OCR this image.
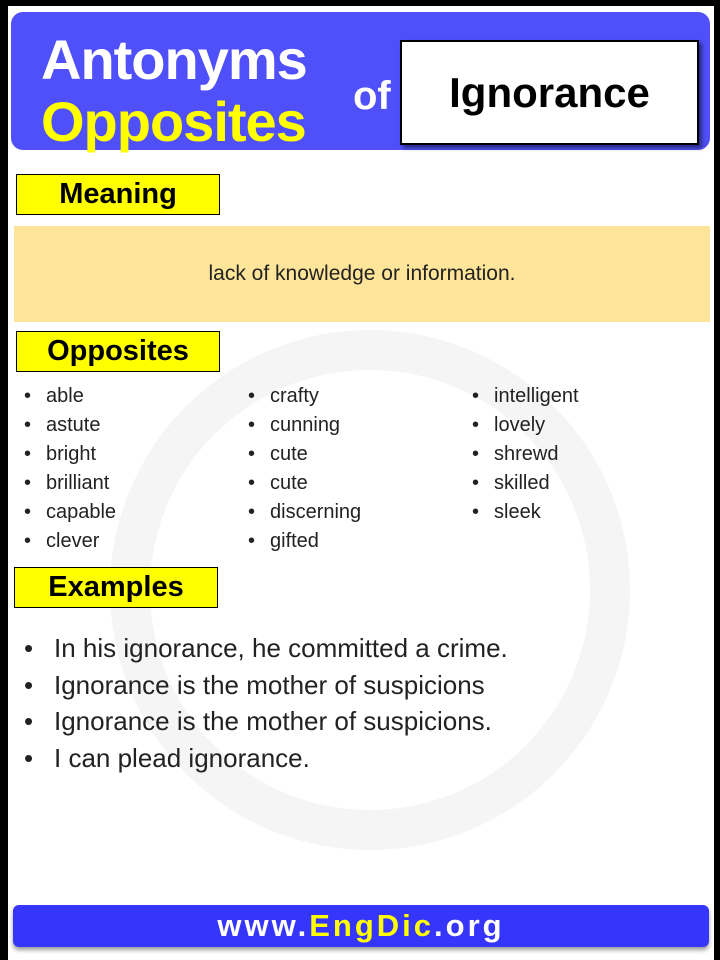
Antonyms
Opposites of	Ignorance
Meaning
lack of knowledge or information.
Opposites
• able
• astute
• bright
• brilliant
• capable
• clever
• crafty
• cunning
• cute
• cute
• discerning
• gifted
• intelligent
• lovely
• shrewd
• skilled
• sleek
Examples
• In his ignorance, he committed a crime.
• Ignorance is the mother of suspicions
• Ignorance is the mother of suspicions.
• I can plead ignorance.
www. EngDic .org
